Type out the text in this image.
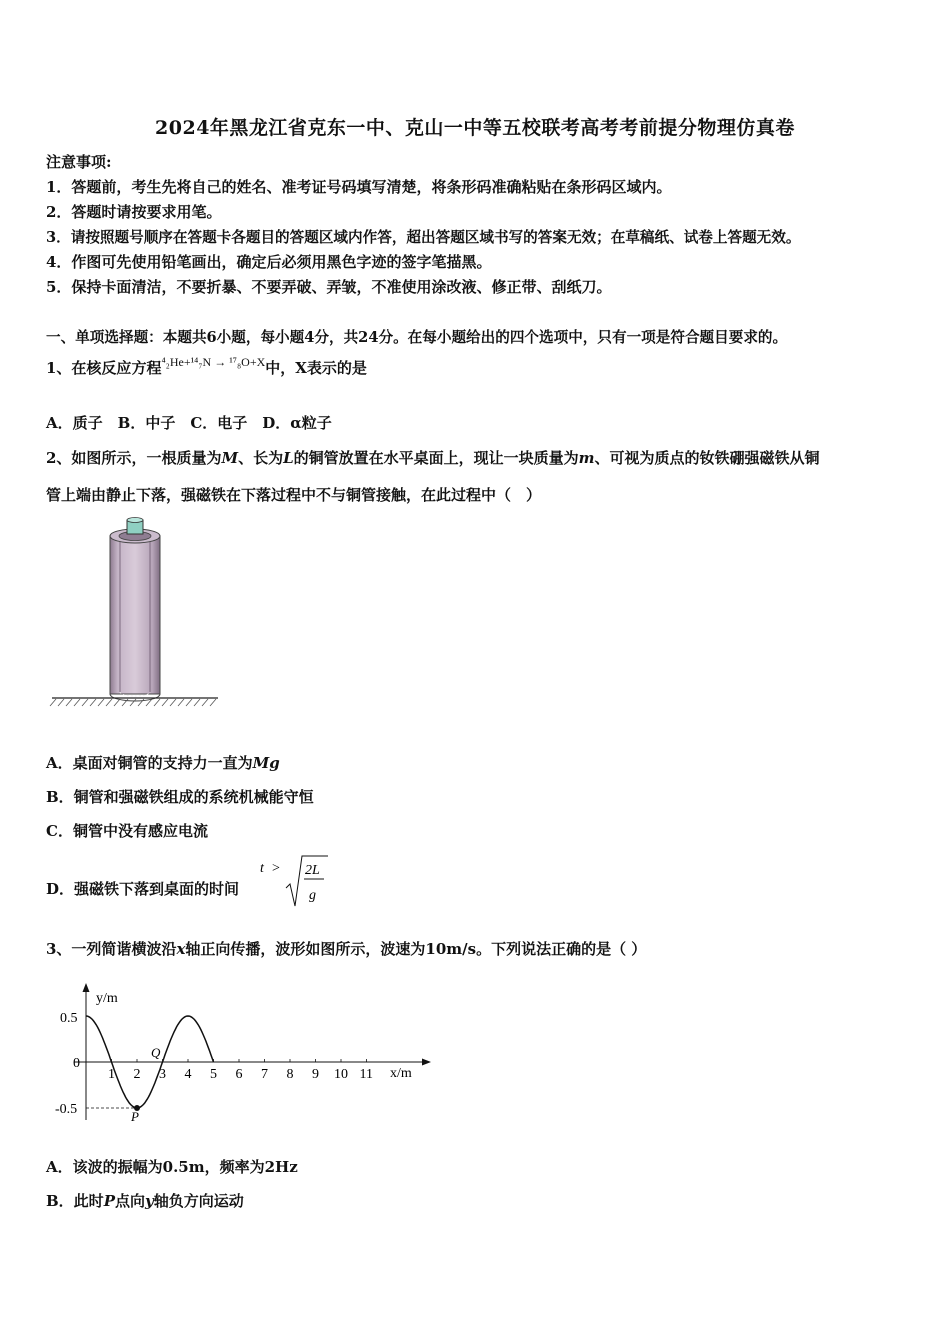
2024年黑龙江省克东一中、克山一中等五校联考高考考前提分物理仿真卷
注意事项:
1．答题前，考生先将自己的姓名、准考证号码填写清楚，将条形码准确粘贴在条形码区域内。
2．答题时请按要求用笔。
3．请按照题号顺序在答题卡各题目的答题区域内作答，超出答题区域书写的答案无效；在草稿纸、试卷上答题无效。
4．作图可先使用铅笔画出，确定后必须用黑色字迹的签字笔描黑。
5．保持卡面清洁，不要折暴、不要弄破、弄皱，不准使用涂改液、修正带、刮纸刀。
一、单项选择题：本题共6小题，每小题4分，共24分。在每小题给出的四个选项中，只有一项是符合题目要求的。
1、在核反应方程$^{^4_2He+^{14}_7N \to ^{17}_8O+X}$中，X表示的是
A．质子　B．中子　C．电子　D．α粒子
2、如图所示，一根质量为M、长为L的铜管放置在水平桌面上，现让一块质量为m、可视为质点的钕铁硼强磁铁从铜
管上端由静止下落，强磁铁在下落过程中不与铜管接触，在此过程中（　）
A．桌面对铜管的支持力一直为Mg
B．铜管和强磁铁组成的系统机械能守恒
C．铜管中没有感应电流
D．强磁铁下落到桌面的时间
t > 2L
g
3、一列简谐横波沿x轴正向传播，波形如图所示，波速为10m/s。下列说法正确的是（ ）
y/m
x/m
0.5
0
-0.5
1 2 3 4 5 6 7 8 9 10 11
P
Q
A．该波的振幅为0.5m，频率为2Hz
B．此时P点向y轴负方向运动
